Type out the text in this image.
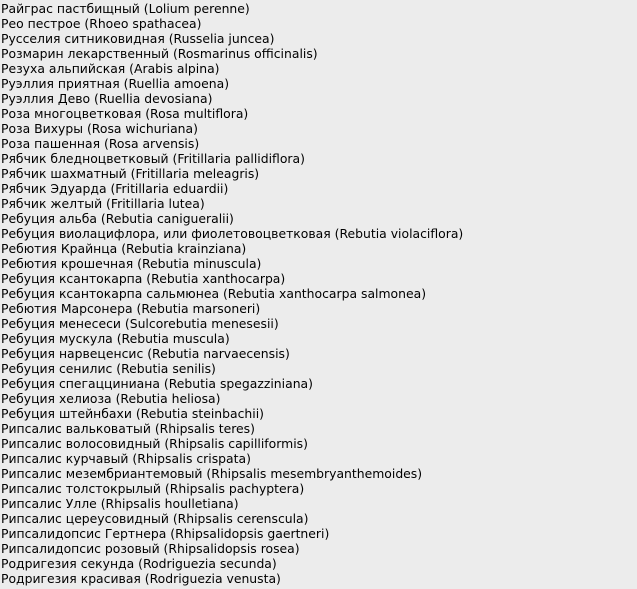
Райграс пастбищный (Lolium perenne)
Рео пестрое (Rhoeo spathacea)
Русселия ситниковидная (Russelia juncea)
Розмарин лекарственный (Rosmarinus officinalis)
Резуха альпийская (Arabis alpina)
Руэллия приятная (Ruellia amoena)
Руэллия Дево (Ruellia devosiana)
Роза многоцветковая (Rosa multiflora)
Роза Вихуры (Rosa wichuriana)
Роза пашенная (Rosa arvensis)
Рябчик бледноцветковый (Fritillaria pallidiflora)
Рябчик шахматный (Fritillaria meleagris)
Рябчик Эдуарда (Fritillaria eduardii)
Рябчик желтый (Fritillaria lutea)
Ребуция альба (Rebutia canigueralii)
Ребуция виолацифлора, или фиолетовоцветковая (Rebutia violaciflora)
Ребютия Крайнца (Rebutia krainziana)
Ребютия крошечная (Rebutia minuscula)
Ребуция ксантокарпа (Rebutia xanthocarpa)
Ребуция ксантокарпа сальмюнеа (Rebutia xanthocarpa salmonea)
Ребютия Марсонера (Rebutia marsoneri)
Ребуция менесеси (Sulcorebutia menesesii)
Ребуция мускула (Rebutia muscula)
Ребуция нарвеценсис (Rebutia narvaecensis)
Ребуция сенилис (Rebutia senilis)
Ребуция спегацциниана (Rebutia spegazziniana)
Ребуция хелиоза (Rebutia heliosa)
Ребуция штейнбахи (Rebutia steinbachii)
Рипсалис вальковатый (Rhipsalis teres)
Рипсалис волосовидный (Rhipsalis capilliformis)
Рипсалис курчавый (Rhipsalis crispata)
Рипсалис мезембриантемовый (Rhipsalis mesembryanthemoides)
Рипсалис толстокрылый (Rhipsalis pachyptera)
Рипсалис Улле (Rhipsalis houlletiana)
Рипсалис цереусовидный (Rhipsalis cerenscula)
Рипсалидопсис Гертнера (Rhipsalidopsis gaertneri)
Рипсалидопсис розовый (Rhipsalidopsis rosea)
Родригезия секунда (Rodriguezia secunda)
Родригезия красивая (Rodriguezia venusta)
